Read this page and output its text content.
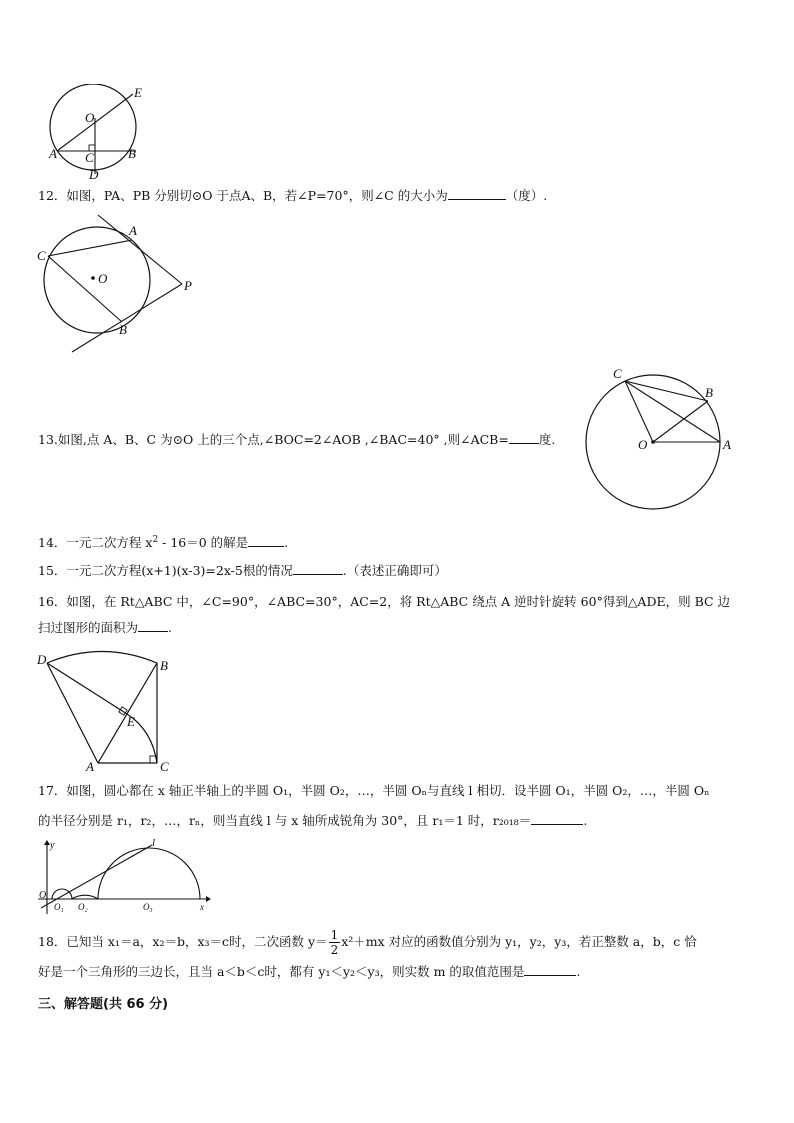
E
O
A C	B
D
12．如图，PA、PB 分别切⊙O 于点A、B，若∠P=70°，则∠C 的大小为	（度）.
A
C
O	P
B
13.如图,点 A、B、C 为⊙O 上的三个点,∠BOC=2∠AOB ,∠BAC=40° ,则∠ACB= 度.
C
B
O	A
14．一元二次方程 $x^2 - 16=0$ 的解是	.
15．一元二次方程(x+1)(x-3)=2x-5根的情况	.（表述正确即可）
16．如图，在 Rt△ABC 中，∠C=90°，∠ABC=30°，AC=2，将 Rt△ABC 绕点 A 逆时针旋转 60°得到△ADE，则 BC 边
扫过图形的面积为 .
D	B
E
A	C
17．如图，圆心都在 x 轴正半轴上的半圆 O₁，半圆 O₂，…，半圆 Oₙ与直线 l 相切．设半圆 O₁，半圆 O₂，…，半圆 Oₙ
的半径分别是 r₁，r₂，…，rₙ，则当直线 l 与 x 轴所成锐角为 30°，且 r₁＝1 时，r₂₀₁₈＝	.
y	l
O
O₁ O₂	O₃	x
18．已知当 x₁＝a，x₂＝b，x₃＝c时，二次函数 $y= \frac{1}{2} x^2+mx$ 对应的函数值分别为 y₁，y₂，y₃，若正整数 a，b，c 恰
好是一个三角形的三边长，且当 a＜b＜c时，都有 y₁＜y₂＜y₃，则实数 m 的取值范围是	.
三、解答题(共 66 分)
